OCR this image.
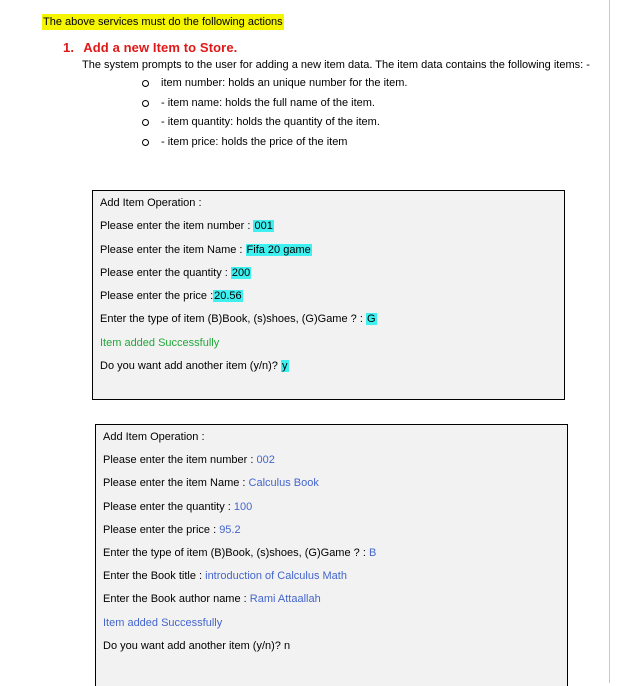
The above services must do the following actions
1. Add a new Item to Store.
The system prompts to the user for adding a new item data. The item data contains the following items: -
item number: holds an unique number for the item.
- item name: holds the full name of the item.
- item quantity: holds the quantity of the item.
- item price: holds the price of the item
Add Item Operation :
Please enter the item number : 001
Please enter the item Name : Fifa 20 game
Please enter the quantity : 200
Please enter the price :20.56
Enter the type of item (B)Book, (s)shoes, (G)Game ? : G
Item added Successfully
Do you want add another item (y/n)? y
Add Item Operation :
Please enter the item number : 002
Please enter the item Name : Calculus Book
Please enter the quantity : 100
Please enter the price : 95.2
Enter the type of item (B)Book, (s)shoes, (G)Game ? : B
Enter the Book title : introduction of Calculus Math
Enter the Book author name : Rami Attaallah
Item added Successfully
Do you want add another item (y/n)? n
